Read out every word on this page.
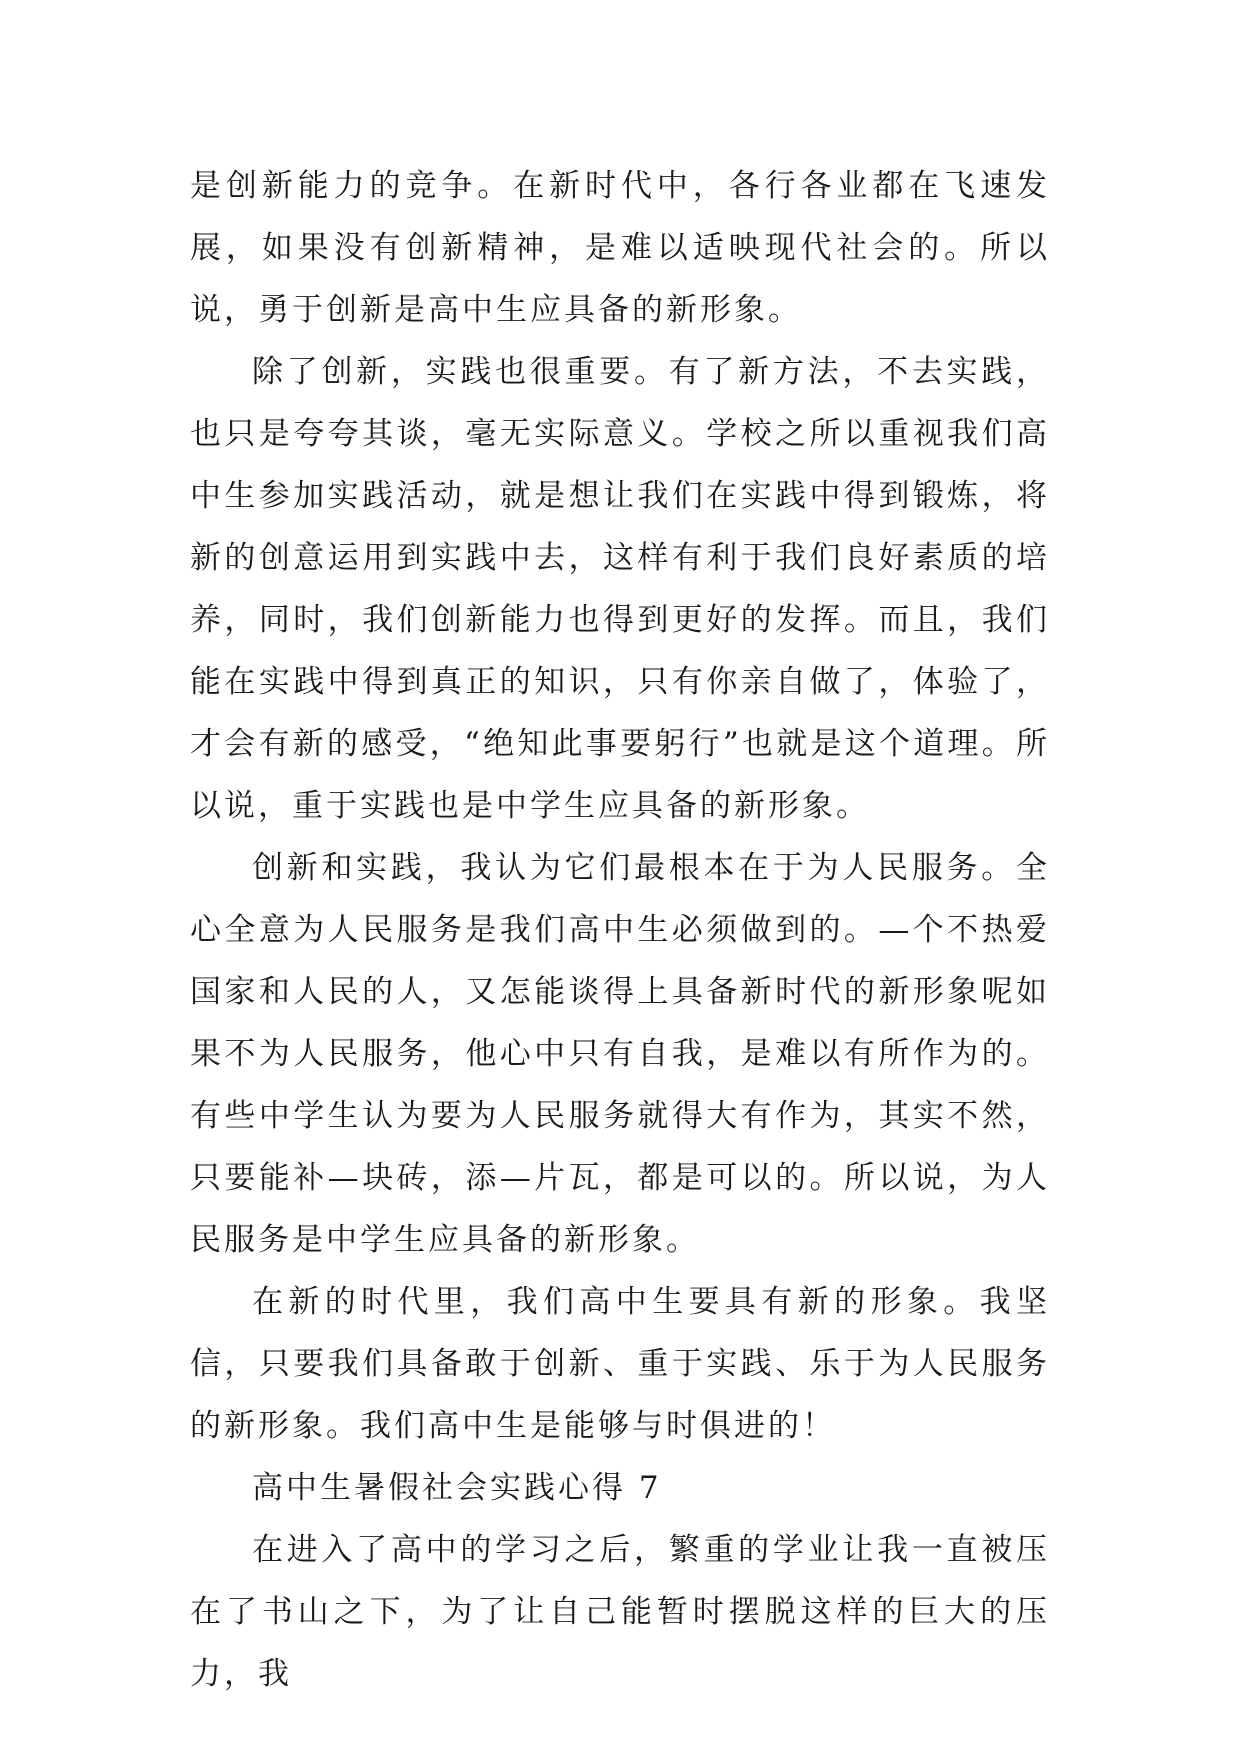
是创新能力的竞争。在新时代中，各行各业都在飞速发展，如果没有创新精神，是难以适映现代社会的。所以说，勇于创新是高中生应具备的新形象。

除了创新，实践也很重要。有了新方法，不去实践，也只是夸夸其谈，毫无实际意义。学校之所以重视我们高中生参加实践活动，就是想让我们在实践中得到锻炼，将新的创意运用到实践中去，这样有利于我们良好素质的培养，同时，我们创新能力也得到更好的发挥。而且，我们能在实践中得到真正的知识，只有你亲自做了，体验了，才会有新的感受，“绝知此事要躬行”也就是这个道理。所以说，重于实践也是中学生应具备的新形象。

创新和实践，我认为它们最根本在于为人民服务。全心全意为人民服务是我们高中生必须做到的。—个不热爱国家和人民的人，又怎能谈得上具备新时代的新形象呢如果不为人民服务，他心中只有自我，是难以有所作为的。有些中学生认为要为人民服务就得大有作为，其实不然，只要能补—块砖，添—片瓦，都是可以的。所以说，为人民服务是中学生应具备的新形象。

在新的时代里，我们高中生要具有新的形象。我坚信，只要我们具备敢于创新、重于实践、乐于为人民服务的新形象。我们高中生是能够与时俱进的！

高中生暑假社会实践心得 7

在进入了高中的学习之后，繁重的学业让我一直被压在了书山之下，为了让自己能暂时摆脱这样的巨大的压力，我
